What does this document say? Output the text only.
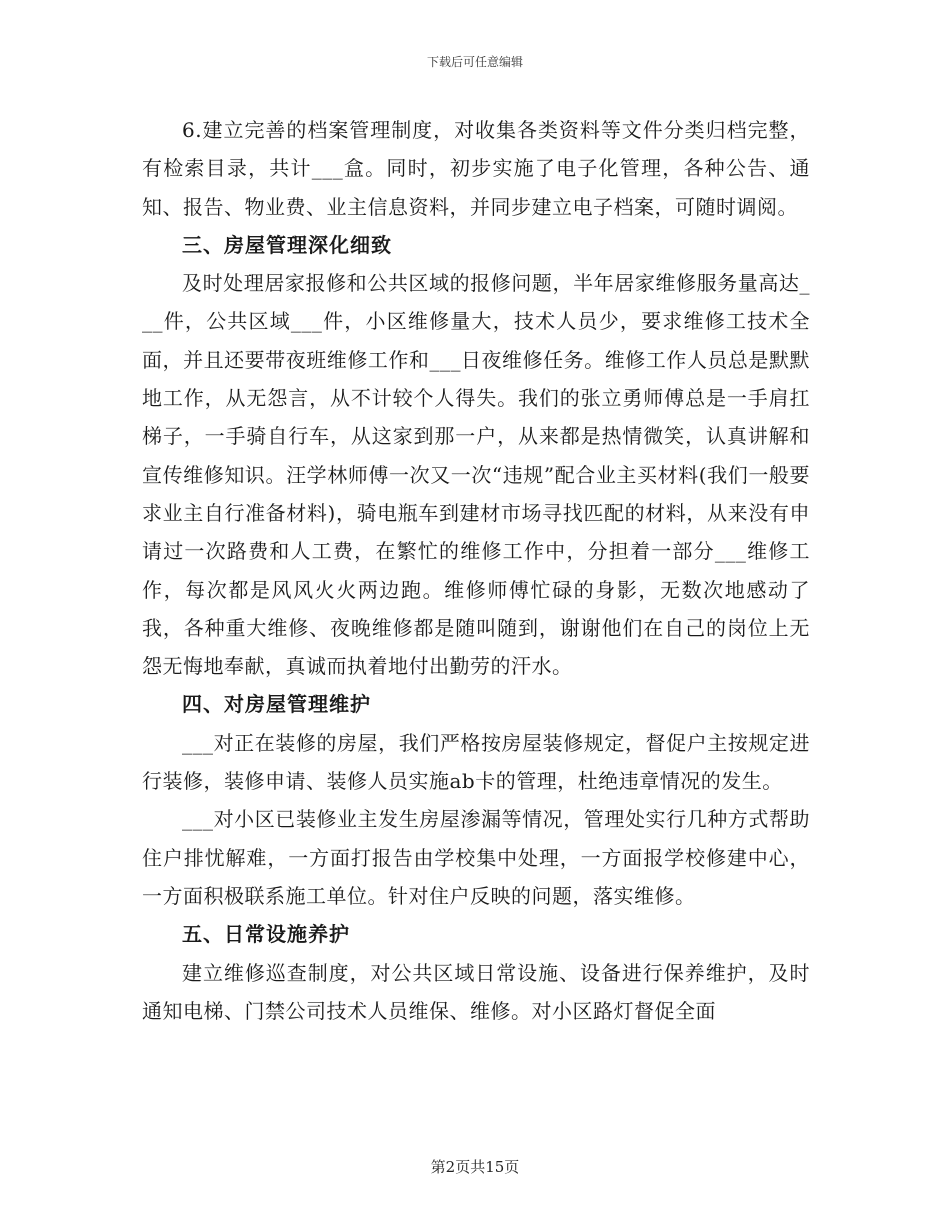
下载后可任意编辑

6.建立完善的档案管理制度，对收集各类资料等文件分类归档完整，有检索目录，共计___盒。同时，初步实施了电子化管理，各种公告、通知、报告、物业费、业主信息资料，并同步建立电子档案，可随时调阅。

三、房屋管理深化细致

及时处理居家报修和公共区域的报修问题，半年居家维修服务量高达___件，公共区域___件，小区维修量大，技术人员少，要求维修工技术全面，并且还要带夜班维修工作和___日夜维修任务。维修工作人员总是默默地工作，从无怨言，从不计较个人得失。我们的张立勇师傅总是一手肩扛梯子，一手骑自行车，从这家到那一户，从来都是热情微笑，认真讲解和宣传维修知识。汪学林师傅一次又一次“违规”配合业主买材料(我们一般要求业主自行准备材料)，骑电瓶车到建材市场寻找匹配的材料，从来没有申请过一次路费和人工费，在繁忙的维修工作中，分担着一部分___维修工作，每次都是风风火火两边跑。维修师傅忙碌的身影，无数次地感动了我，各种重大维修、夜晚维修都是随叫随到，谢谢他们在自己的岗位上无怨无悔地奉献，真诚而执着地付出勤劳的汗水。

四、对房屋管理维护

___对正在装修的房屋，我们严格按房屋装修规定，督促户主按规定进行装修，装修申请、装修人员实施ab卡的管理，杜绝违章情况的发生。

___对小区已装修业主发生房屋渗漏等情况，管理处实行几种方式帮助住户排忧解难，一方面打报告由学校集中处理，一方面报学校修建中心，一方面积极联系施工单位。针对住户反映的问题，落实维修。

五、日常设施养护

建立维修巡查制度，对公共区域日常设施、设备进行保养维护，及时通知电梯、门禁公司技术人员维保、维修。对小区路灯督促全面

第2页共15页
